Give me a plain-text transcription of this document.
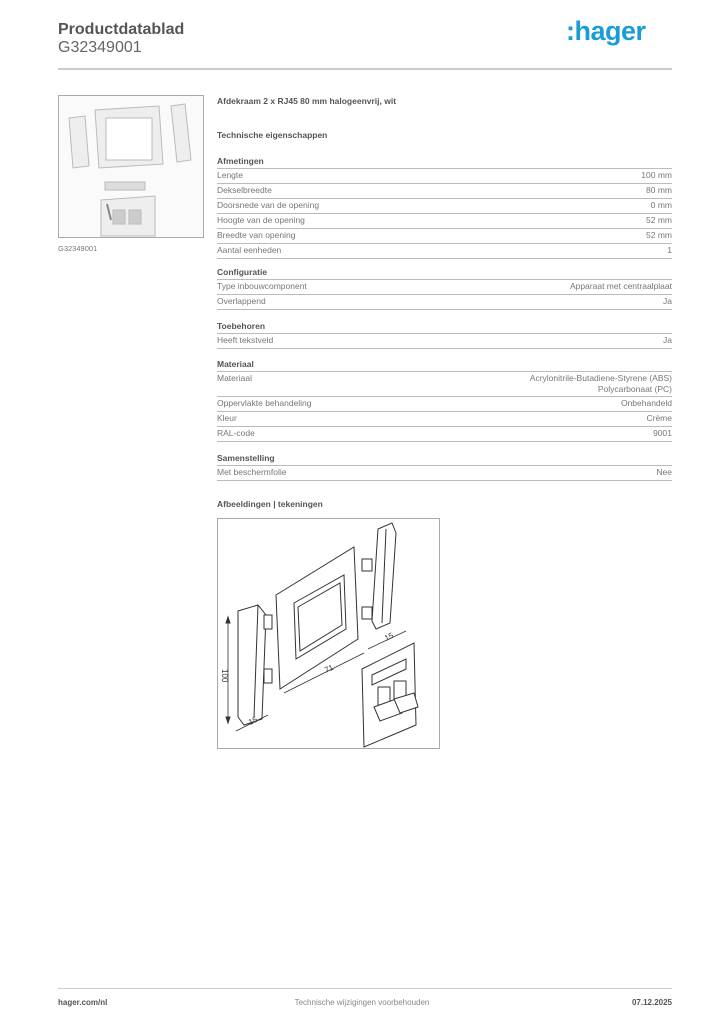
Productdatablad
G32349001
:hager
G32349001
Afdekraam 2 x RJ45 80 mm halogeenvrij, wit
Technische eigenschappen
Afmetingen
Lengte	100 mm
Dekselbreedte	80 mm
Doorsnede van de opening	0 mm
Hoogte van de opening	52 mm
Breedte van opening	52 mm
Aantal eenheden	1
Configuratie
Type inbouwcomponent	Apparaat met centraalplaat
Overlappend	Ja
Toebehoren
Heeft tekstveld	Ja
Materiaal
Materiaal	Acrylonitrile-Butadiene-Styrene (ABS)
Polycarbonaat (PC)
Oppervlakte behandeling	Onbehandeld
Kleur	Crème
RAL-code	9001
Samenstelling
Met beschermfolie	Nee
Afbeeldingen | tekeningen
100
71
15
15
hager.com/nl	Technische wijzigingen voorbehouden	07.12.2025
